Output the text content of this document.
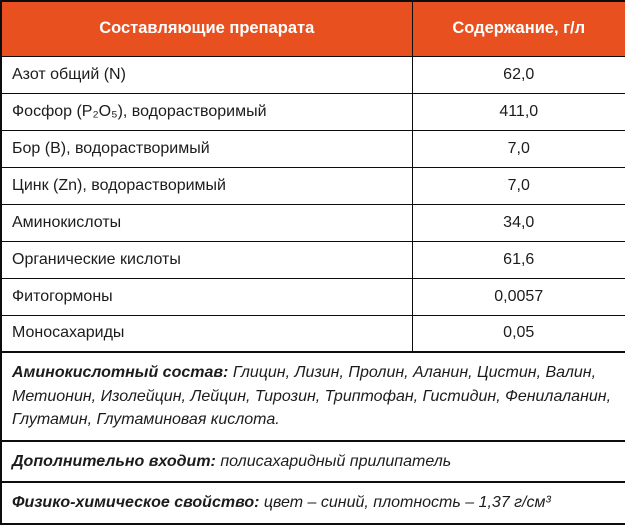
Составляющие препарата	Содержание, г/л
Азот общий (N)	62,0
Фосфор (P₂O₅), водорастворимый	411,0
Бор (B), водорастворимый	7,0
Цинк (Zn), водорастворимый	7,0
Аминокислоты	34,0
Органические кислоты	61,6
Фитогормоны	0,0057
Моносахариды	0,05
Аминокислотный состав: Глицин, Лизин, Пролин, Аланин, Цистин, Валин, Метионин, Изолейцин, Лейцин, Тирозин, Триптофан, Гистидин, Фенилаланин, Глутамин, Глутаминовая кислота.	
Дополнительно входит: полисахаридный прилипатель	
Физико-химическое свойство: цвет – синий, плотность – 1,37 г/см³	
